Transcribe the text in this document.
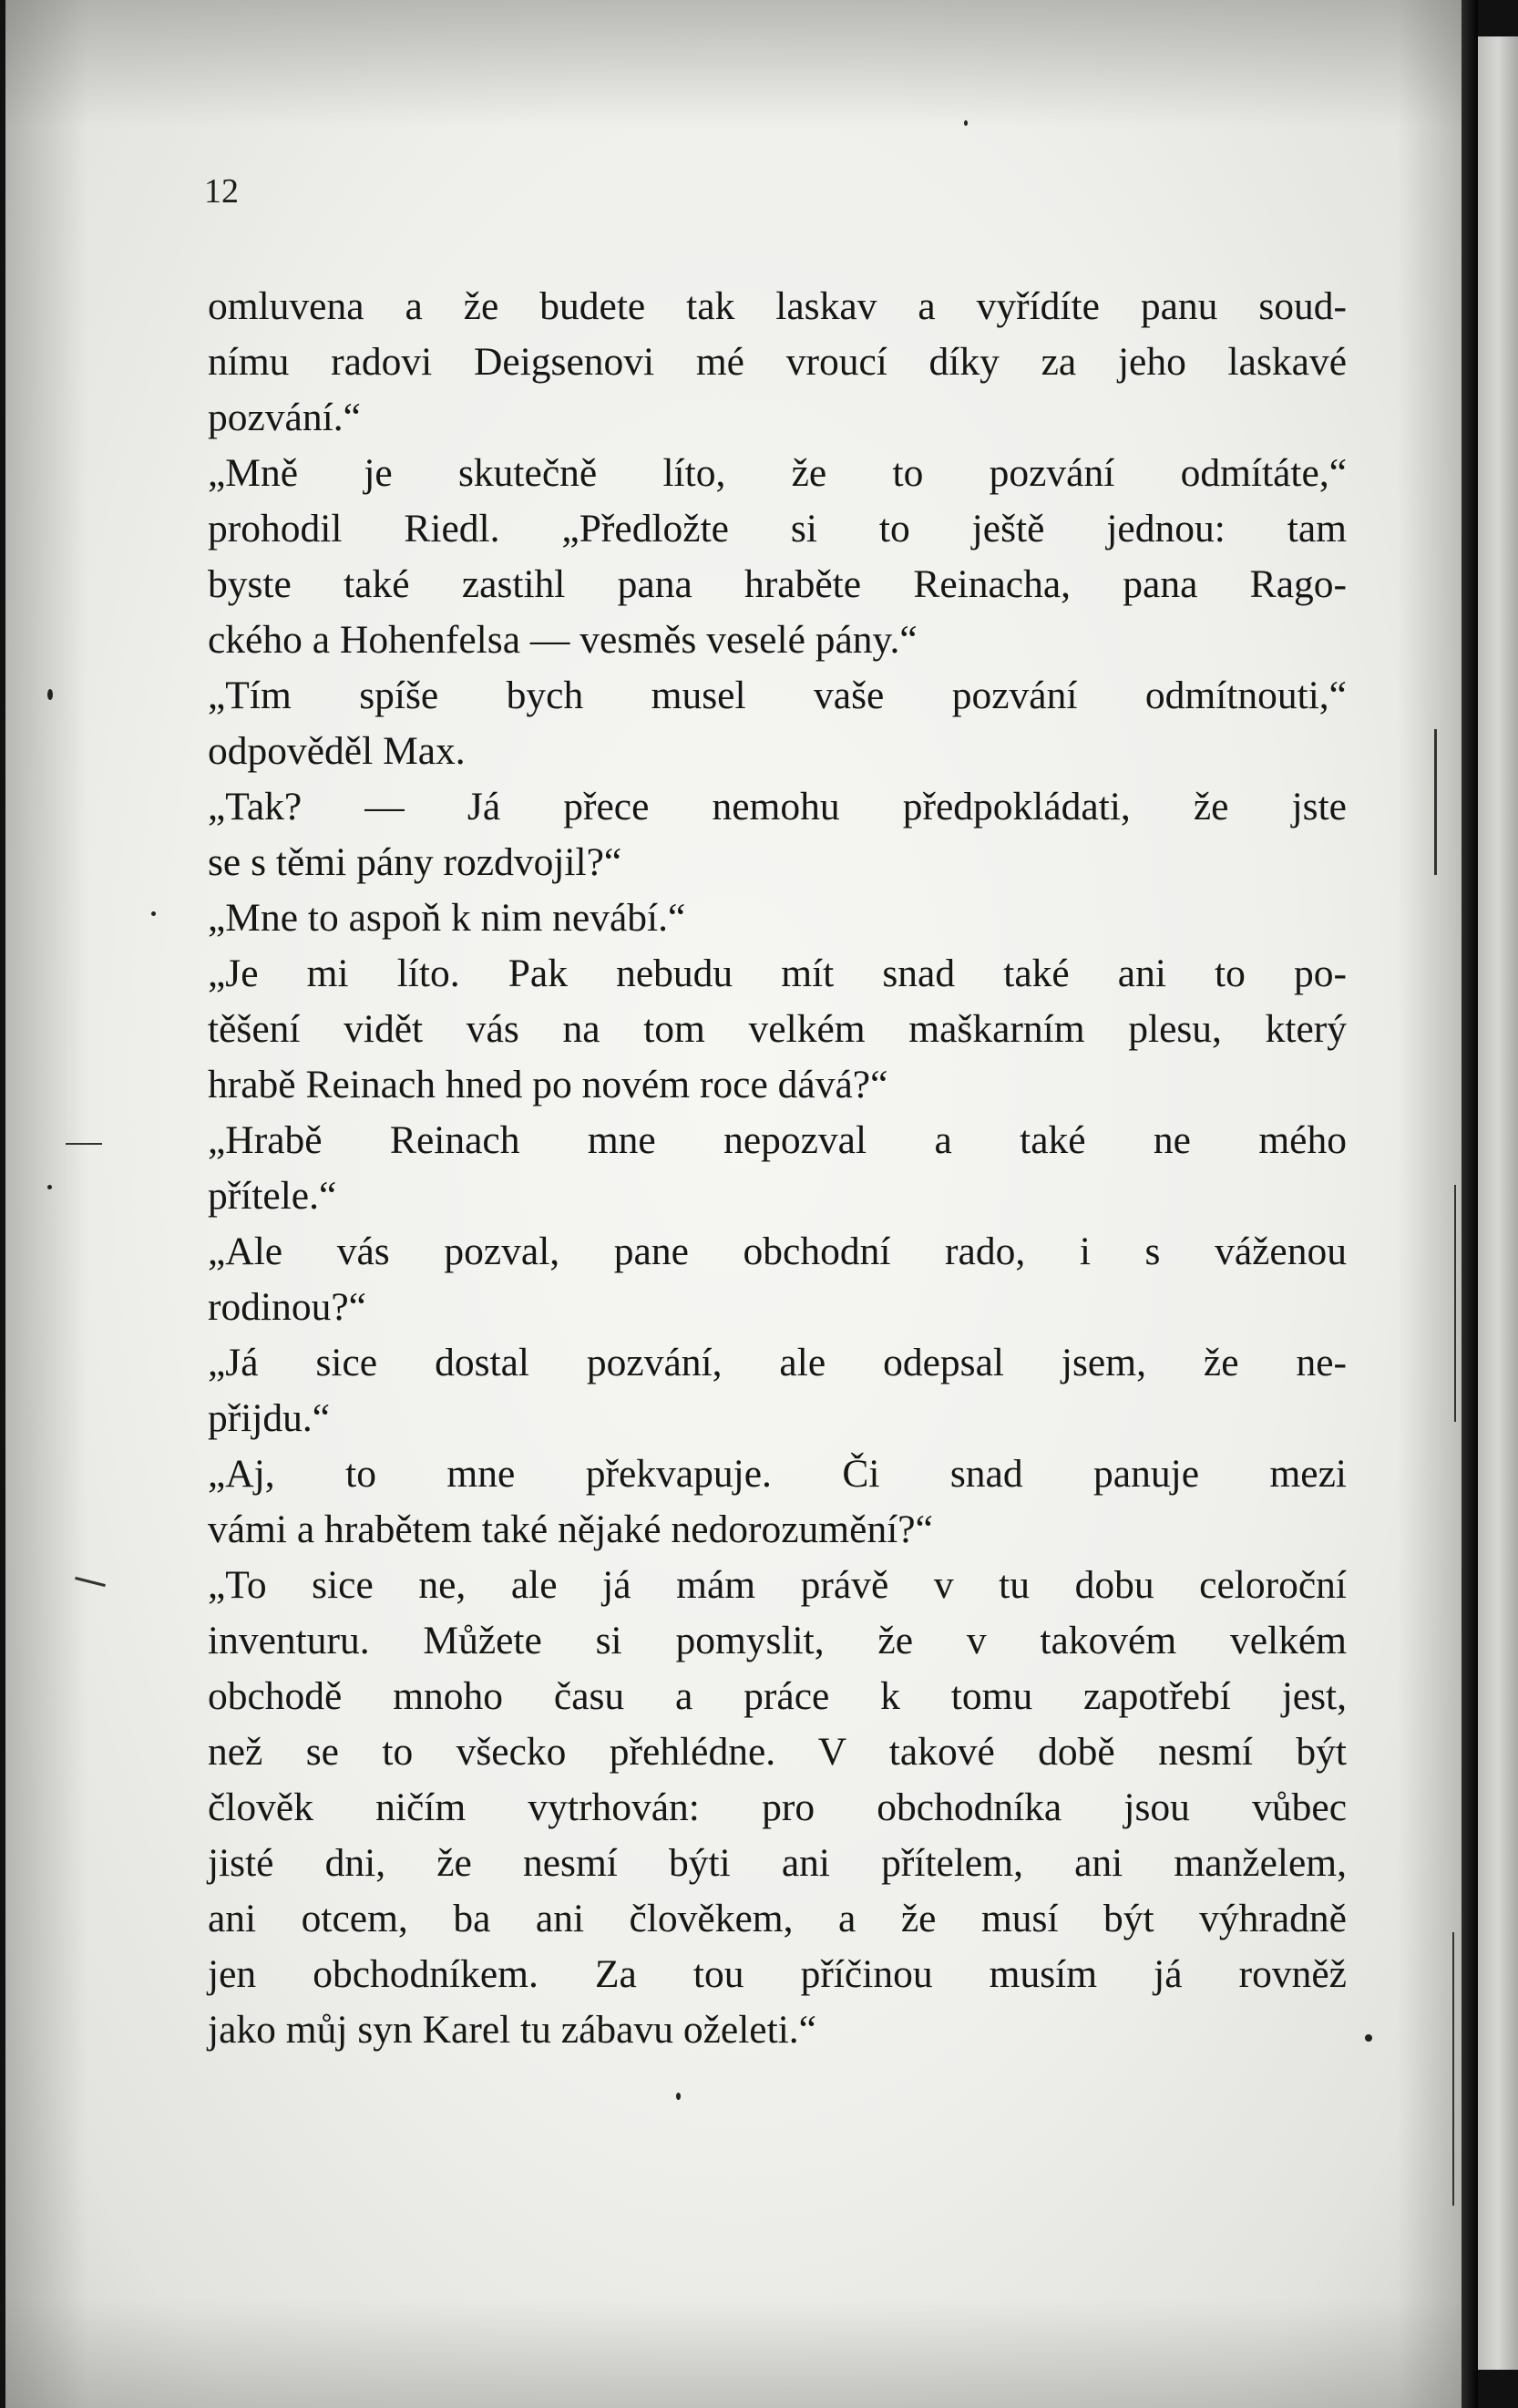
12
omluvena a že budete tak laskav a vyřídíte panu soud-
nímu radovi Deigsenovi mé vroucí díky za jeho laskavé
pozvání.“
„Mně je skutečně líto, že to pozvání odmítáte,“
prohodil Riedl. „Předložte si to ještě jednou: tam
byste také zastihl pana hraběte Reinacha, pana Rago-
ckého a Hohenfelsa — vesměs veselé pány.“
„Tím spíše bych musel vaše pozvání odmítnouti,“
odpověděl Max.
„Tak? — Já přece nemohu předpokládati, že jste
se s těmi pány rozdvojil?“
„Mne to aspoň k nim nevábí.“
„Je mi líto. Pak nebudu mít snad také ani to po-
těšení vidět vás na tom velkém maškarním plesu, který
hrabě Reinach hned po novém roce dává?“
„Hrabě Reinach mne nepozval a také ne mého
přítele.“
„Ale vás pozval, pane obchodní rado, i s váženou
rodinou?“
„Já sice dostal pozvání, ale odepsal jsem, že ne-
přijdu.“
„Aj, to mne překvapuje. Či snad panuje mezi
vámi a hrabětem také nějaké nedorozumění?“
„To sice ne, ale já mám právě v tu dobu celoroční
inventuru. Můžete si pomyslit, že v takovém velkém
obchodě mnoho času a práce k tomu zapotřebí jest,
než se to všecko přehlédne. V takové době nesmí být
člověk ničím vytrhován: pro obchodníka jsou vůbec
jisté dni, že nesmí býti ani přítelem, ani manželem,
ani otcem, ba ani člověkem, a že musí být výhradně
jen obchodníkem. Za tou příčinou musím já rovněž
jako můj syn Karel tu zábavu oželeti.“
